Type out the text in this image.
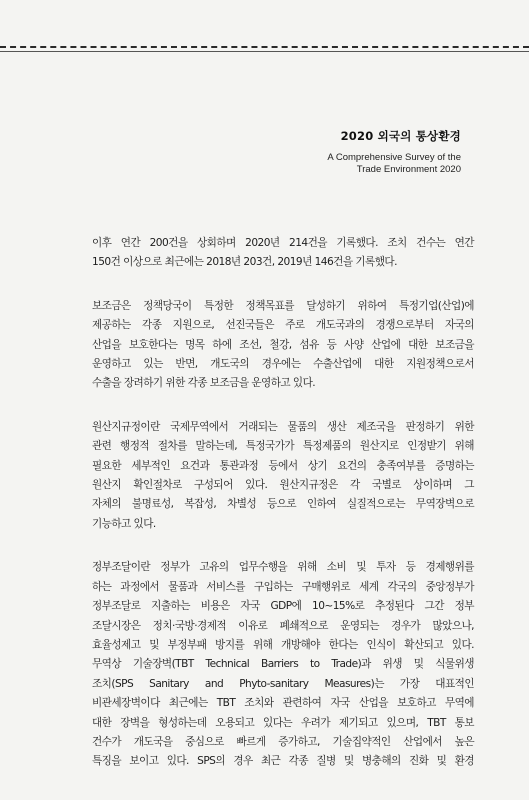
2020 외국의 통상환경
A Comprehensive Survey of the
Trade Environment 2020
이후 연간 200건을 상회하며 2020년 214건을 기록했다. 조치 건수는 연간
150건 이상으로 최근에는 2018년 203건, 2019년 146건을 기록했다.
보조금은 정책당국이 특정한 정책목표를 달성하기 위하여 특정기업(산업)에
제공하는 각종 지원으로, 선진국들은 주로 개도국과의 경쟁으로부터 자국의
산업을 보호한다는 명목 하에 조선, 철강, 섬유 등 사양 산업에 대한 보조금을
운영하고 있는 반면, 개도국의 경우에는 수출산업에 대한 지원정책으로서
수출을 장려하기 위한 각종 보조금을 운영하고 있다.
원산지규정이란 국제무역에서 거래되는 물품의 생산 제조국을 판정하기 위한
관련 행정적 절차를 말하는데, 특정국가가 특정제품의 원산지로 인정받기 위해
필요한 세부적인 요건과 통관과정 등에서 상기 요건의 충족여부를 증명하는
원산지 확인절차로 구성되어 있다. 원산지규정은 각 국별로 상이하며 그
자체의 불명료성, 복잡성, 차별성 등으로 인하여 실질적으로는 무역장벽으로
기능하고 있다.
정부조달이란 정부가 고유의 업무수행을 위해 소비 및 투자 등 경제행위를
하는 과정에서 물품과 서비스를 구입하는 구매행위로 세계 각국의 중앙정부가
정부조달로 지출하는 비용은 자국 GDP에 10~15%로 추정된다 그간 정부
조달시장은 정치·국방·경제적 이유로 폐쇄적으로 운영되는 경우가 많았으나,
효율성제고 및 부정부패 방지를 위해 개방해야 한다는 인식이 확산되고 있다.
무역상 기술장벽(TBT Technical Barriers to Trade)과 위생 및 식물위생
조치(SPS Sanitary and Phyto-sanitary Measures)는 가장 대표적인
비관세장벽이다 최근에는 TBT 조치와 관련하여 자국 산업을 보호하고 무역에
대한 장벽을 형성하는데 오용되고 있다는 우려가 제기되고 있으며, TBT 통보
건수가 개도국을 중심으로 빠르게 증가하고, 기술집약적인 산업에서 높은
특징을 보이고 있다. SPS의 경우 최근 각종 질병 및 병충해의 진화 및 환경
